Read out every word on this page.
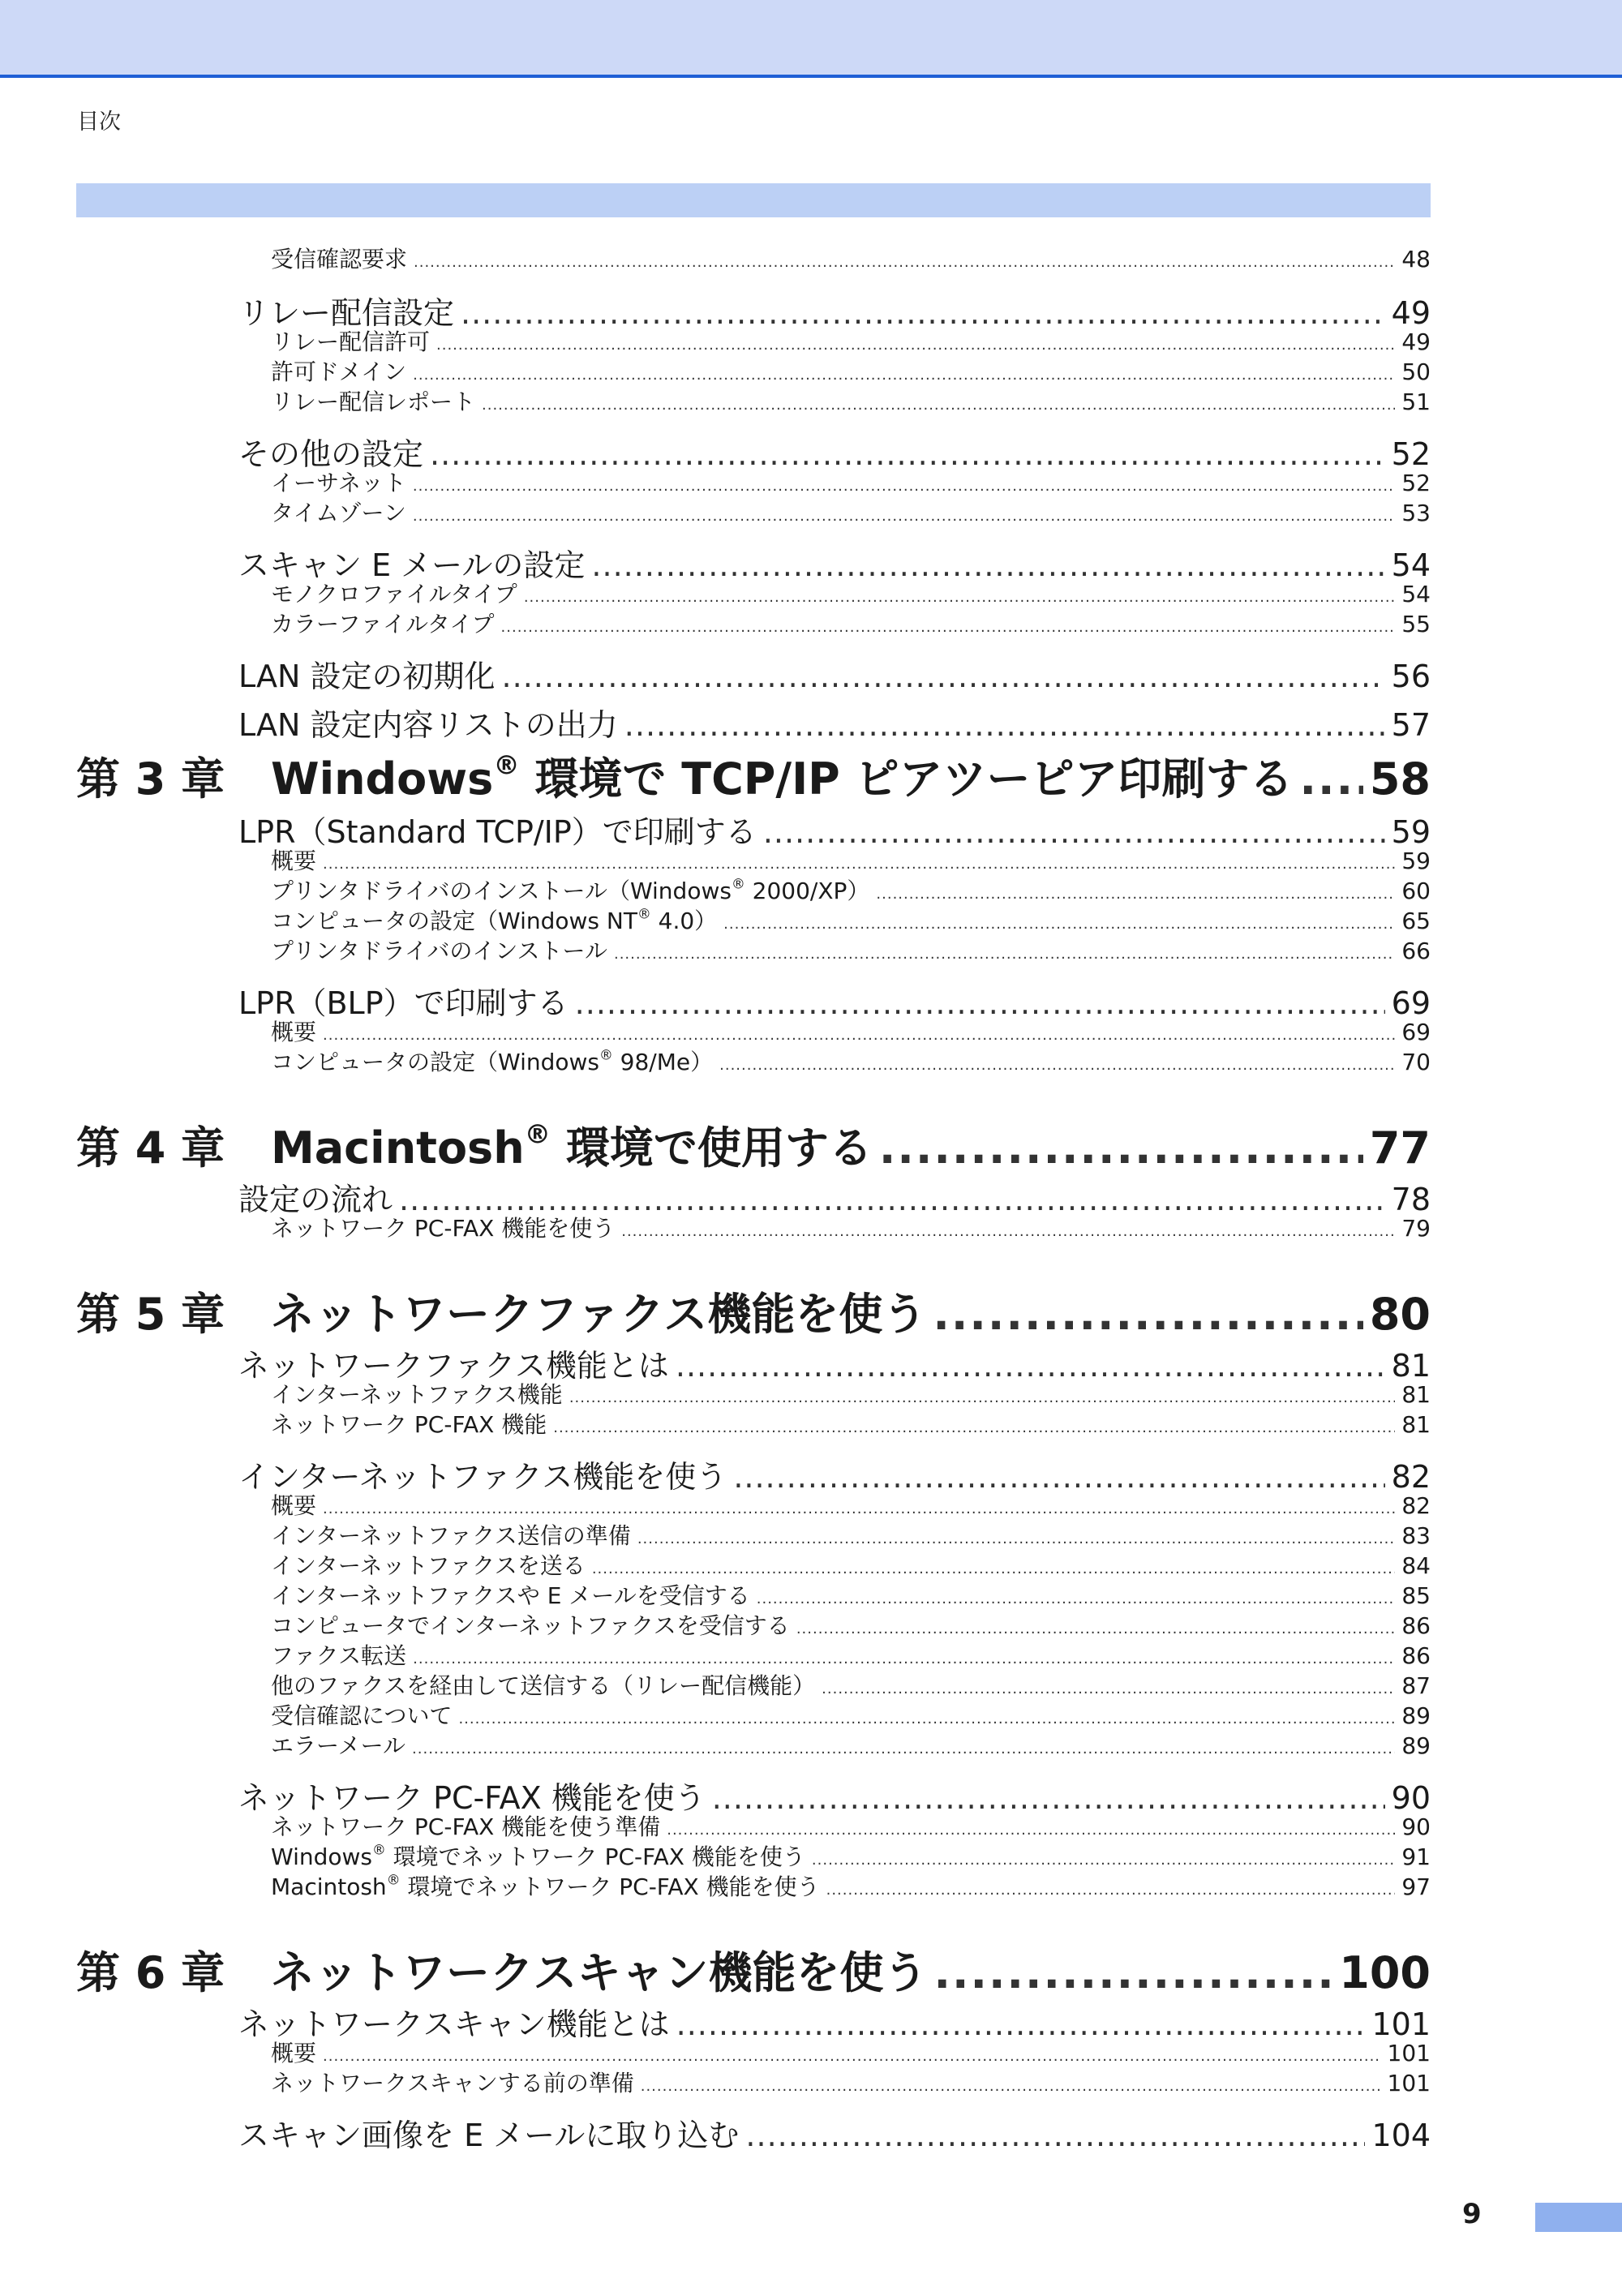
目次
受信確認要求 .....	48
リレー配信設定 .....	49
リレー配信許可 .....	49
許可ドメイン .....	50
リレー配信レポート .....	51
その他の設定 .....	52
イーサネット .....	52
タイムゾーン .....	53
スキャン E メールの設定 .....	54
モノクロファイルタイプ .....	54
カラーファイルタイプ .....	55
LAN 設定の初期化 .....	56
LAN 設定内容リストの出力 .....	57
第 3 章	Windows® 環境で TCP/IP ピアツーピア印刷する ..... 58
LPR（Standard TCP/IP）で印刷する .....	59
概要 .....	59
プリンタドライバのインストール（Windows® 2000/XP） .....	60
コンピュータの設定（Windows NT® 4.0） .....	65
プリンタドライバのインストール .....	66
LPR（BLP）で印刷する .....	69
概要 .....	69
コンピュータの設定（Windows® 98/Me） .....	70
第 4 章	Macintosh® 環境で使用する .....	77
設定の流れ .....	78
ネットワーク PC-FAX 機能を使う .....	79
第 5 章	ネットワークファクス機能を使う .....	80
ネットワークファクス機能とは .....	81
インターネットファクス機能 .....	81
ネットワーク PC-FAX 機能 .....	81
インターネットファクス機能を使う .....	82
概要 .....	82
インターネットファクス送信の準備 .....	83
インターネットファクスを送る .....	84
インターネットファクスや E メールを受信する .....	85
コンピュータでインターネットファクスを受信する .....	86
ファクス転送 .....	86
他のファクスを経由して送信する（リレー配信機能） .....	87
受信確認について .....	89
エラーメール .....	89
ネットワーク PC-FAX 機能を使う .....	90
ネットワーク PC-FAX 機能を使う準備 .....	90
Windows® 環境でネットワーク PC-FAX 機能を使う .....	91
Macintosh® 環境でネットワーク PC-FAX 機能を使う .....	97
第 6 章	ネットワークスキャン機能を使う .....	100
ネットワークスキャン機能とは .....	101
概要 .....	101
ネットワークスキャンする前の準備 .....	101
スキャン画像を E メールに取り込む .....	104
9
